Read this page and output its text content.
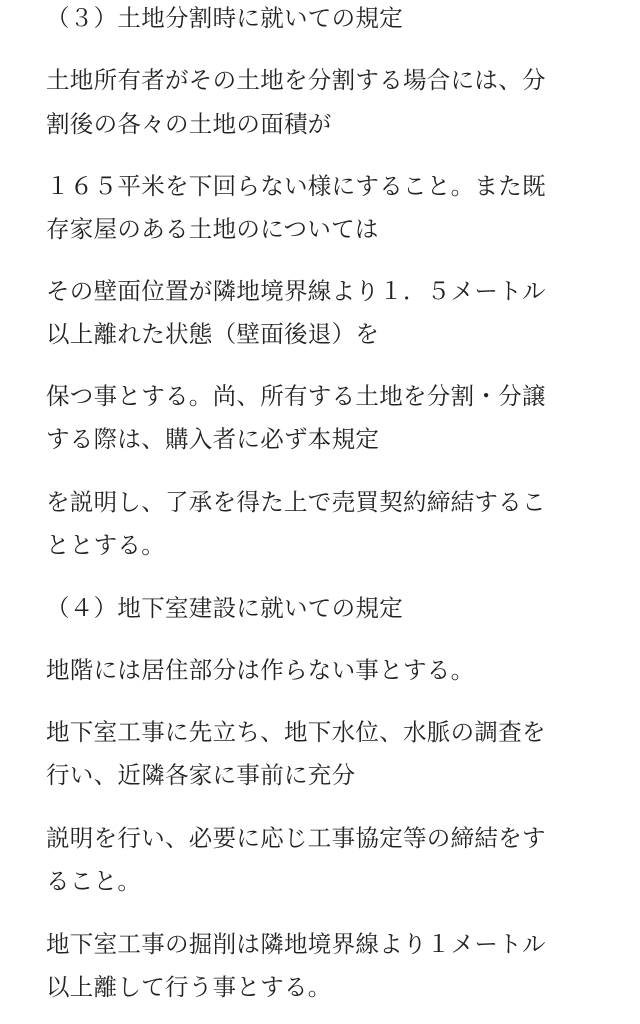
（３）土地分割時に就いての規定
土地所有者がその土地を分割する場合には、分
割後の各々の土地の面積が
１６５平米を下回らない様にすること。また既
存家屋のある土地のについては
その壁面位置が隣地境界線より１．５メートル
以上離れた状態（壁面後退）を
保つ事とする。尚、所有する土地を分割・分譲
する際は、購入者に必ず本規定
を説明し、了承を得た上で売買契約締結するこ
ととする。
（４）地下室建設に就いての規定
地階には居住部分は作らない事とする。
地下室工事に先立ち、地下水位、水脈の調査を
行い、近隣各家に事前に充分
説明を行い、必要に応じ工事協定等の締結をす
ること。
地下室工事の掘削は隣地境界線より１メートル
以上離して行う事とする。
